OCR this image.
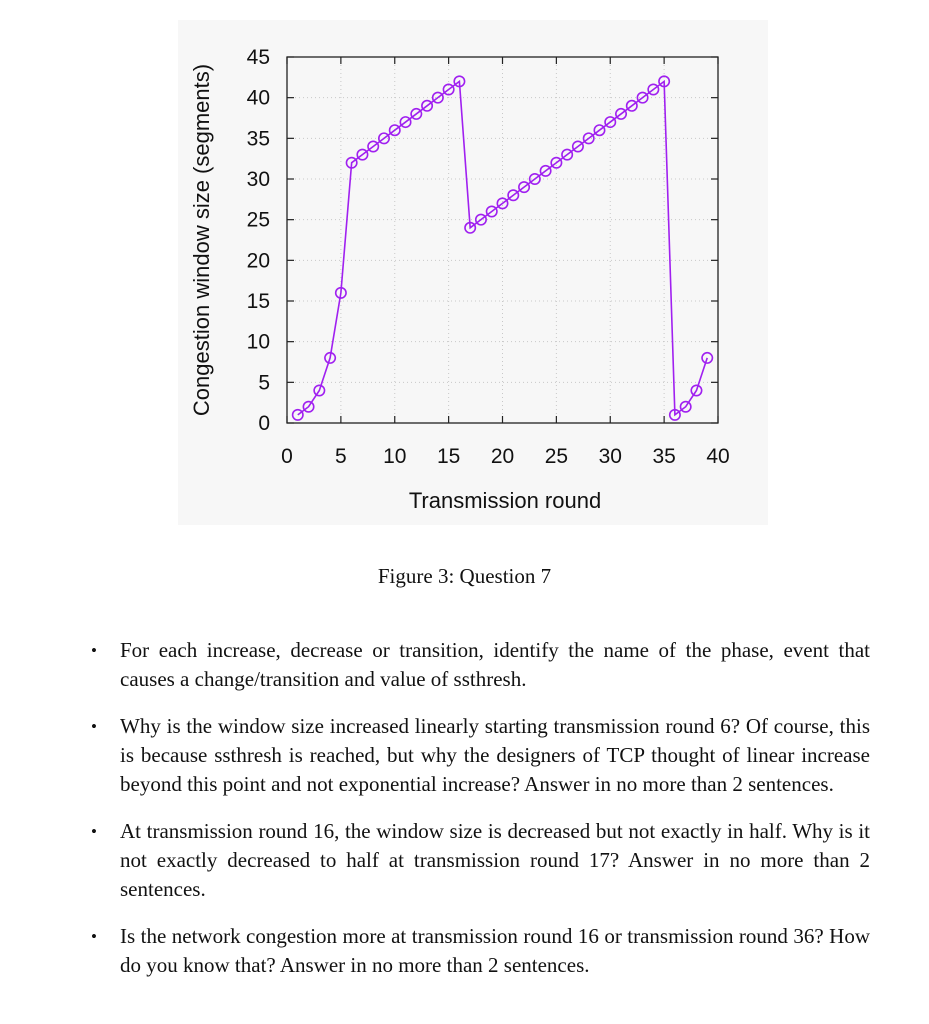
0 5 10 15 20 25 30 35 40
0
5
10
15
20
25
30
35
40
45
Transmission round
Congestion window size (segments)
Figure 3: Question 7
• For each increase, decrease or transition, identify the name of the phase, event that causes a change/transition and value of ssthresh.
• Why is the window size increased linearly starting transmission round 6? Of course, this is because ssthresh is reached, but why the designers of TCP thought of linear increase beyond this point and not exponential increase? Answer in no more than 2 sentences.
• At transmission round 16, the window size is decreased but not exactly in half. Why is it not exactly decreased to half at transmission round 17? Answer in no more than 2 sentences.
• Is the network congestion more at transmission round 16 or transmission round 36? How do you know that? Answer in no more than 2 sentences.
